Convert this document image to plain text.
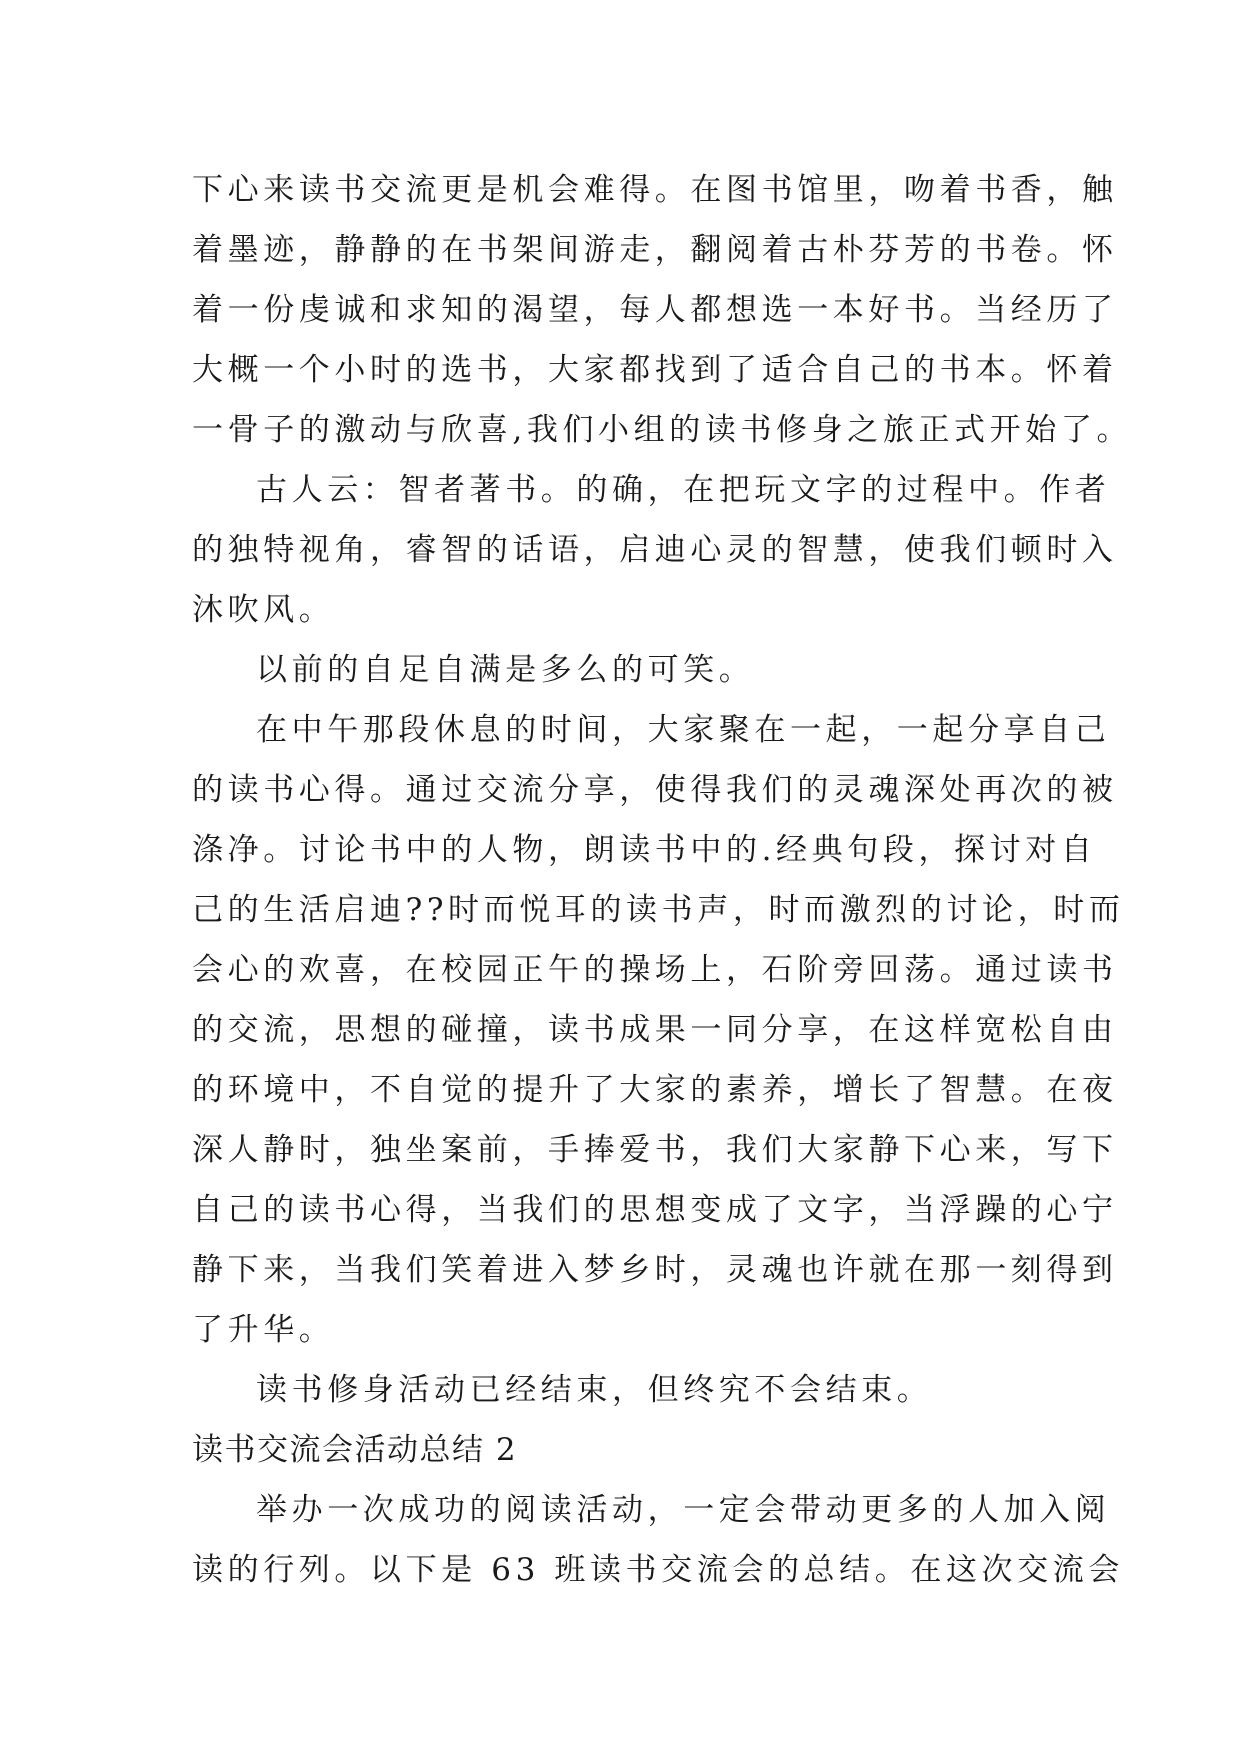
下心来读书交流更是机会难得。在图书馆里，吻着书香，触
着墨迹，静静的在书架间游走，翻阅着古朴芬芳的书卷。怀
着一份虔诚和求知的渴望，每人都想选一本好书。当经历了
大概一个小时的选书，大家都找到了适合自己的书本。怀着
一骨子的激动与欣喜,我们小组的读书修身之旅正式开始了。
古人云：智者著书。的确，在把玩文字的过程中。作者
的独特视角，睿智的话语，启迪心灵的智慧，使我们顿时入
沐吹风。
以前的自足自满是多么的可笑。
在中午那段休息的时间，大家聚在一起，一起分享自己
的读书心得。通过交流分享，使得我们的灵魂深处再次的被
涤净。讨论书中的人物，朗读书中的.经典句段，探讨对自
己的生活启迪??时而悦耳的读书声，时而激烈的讨论，时而
会心的欢喜，在校园正午的操场上，石阶旁回荡。通过读书
的交流，思想的碰撞，读书成果一同分享，在这样宽松自由
的环境中，不自觉的提升了大家的素养，增长了智慧。在夜
深人静时，独坐案前，手捧爱书，我们大家静下心来，写下
自己的读书心得，当我们的思想变成了文字，当浮躁的心宁
静下来，当我们笑着进入梦乡时，灵魂也许就在那一刻得到
了升华。
读书修身活动已经结束，但终究不会结束。
读书交流会活动总结 2
举办一次成功的阅读活动，一定会带动更多的人加入阅
读的行列。以下是 63 班读书交流会的总结。在这次交流会
